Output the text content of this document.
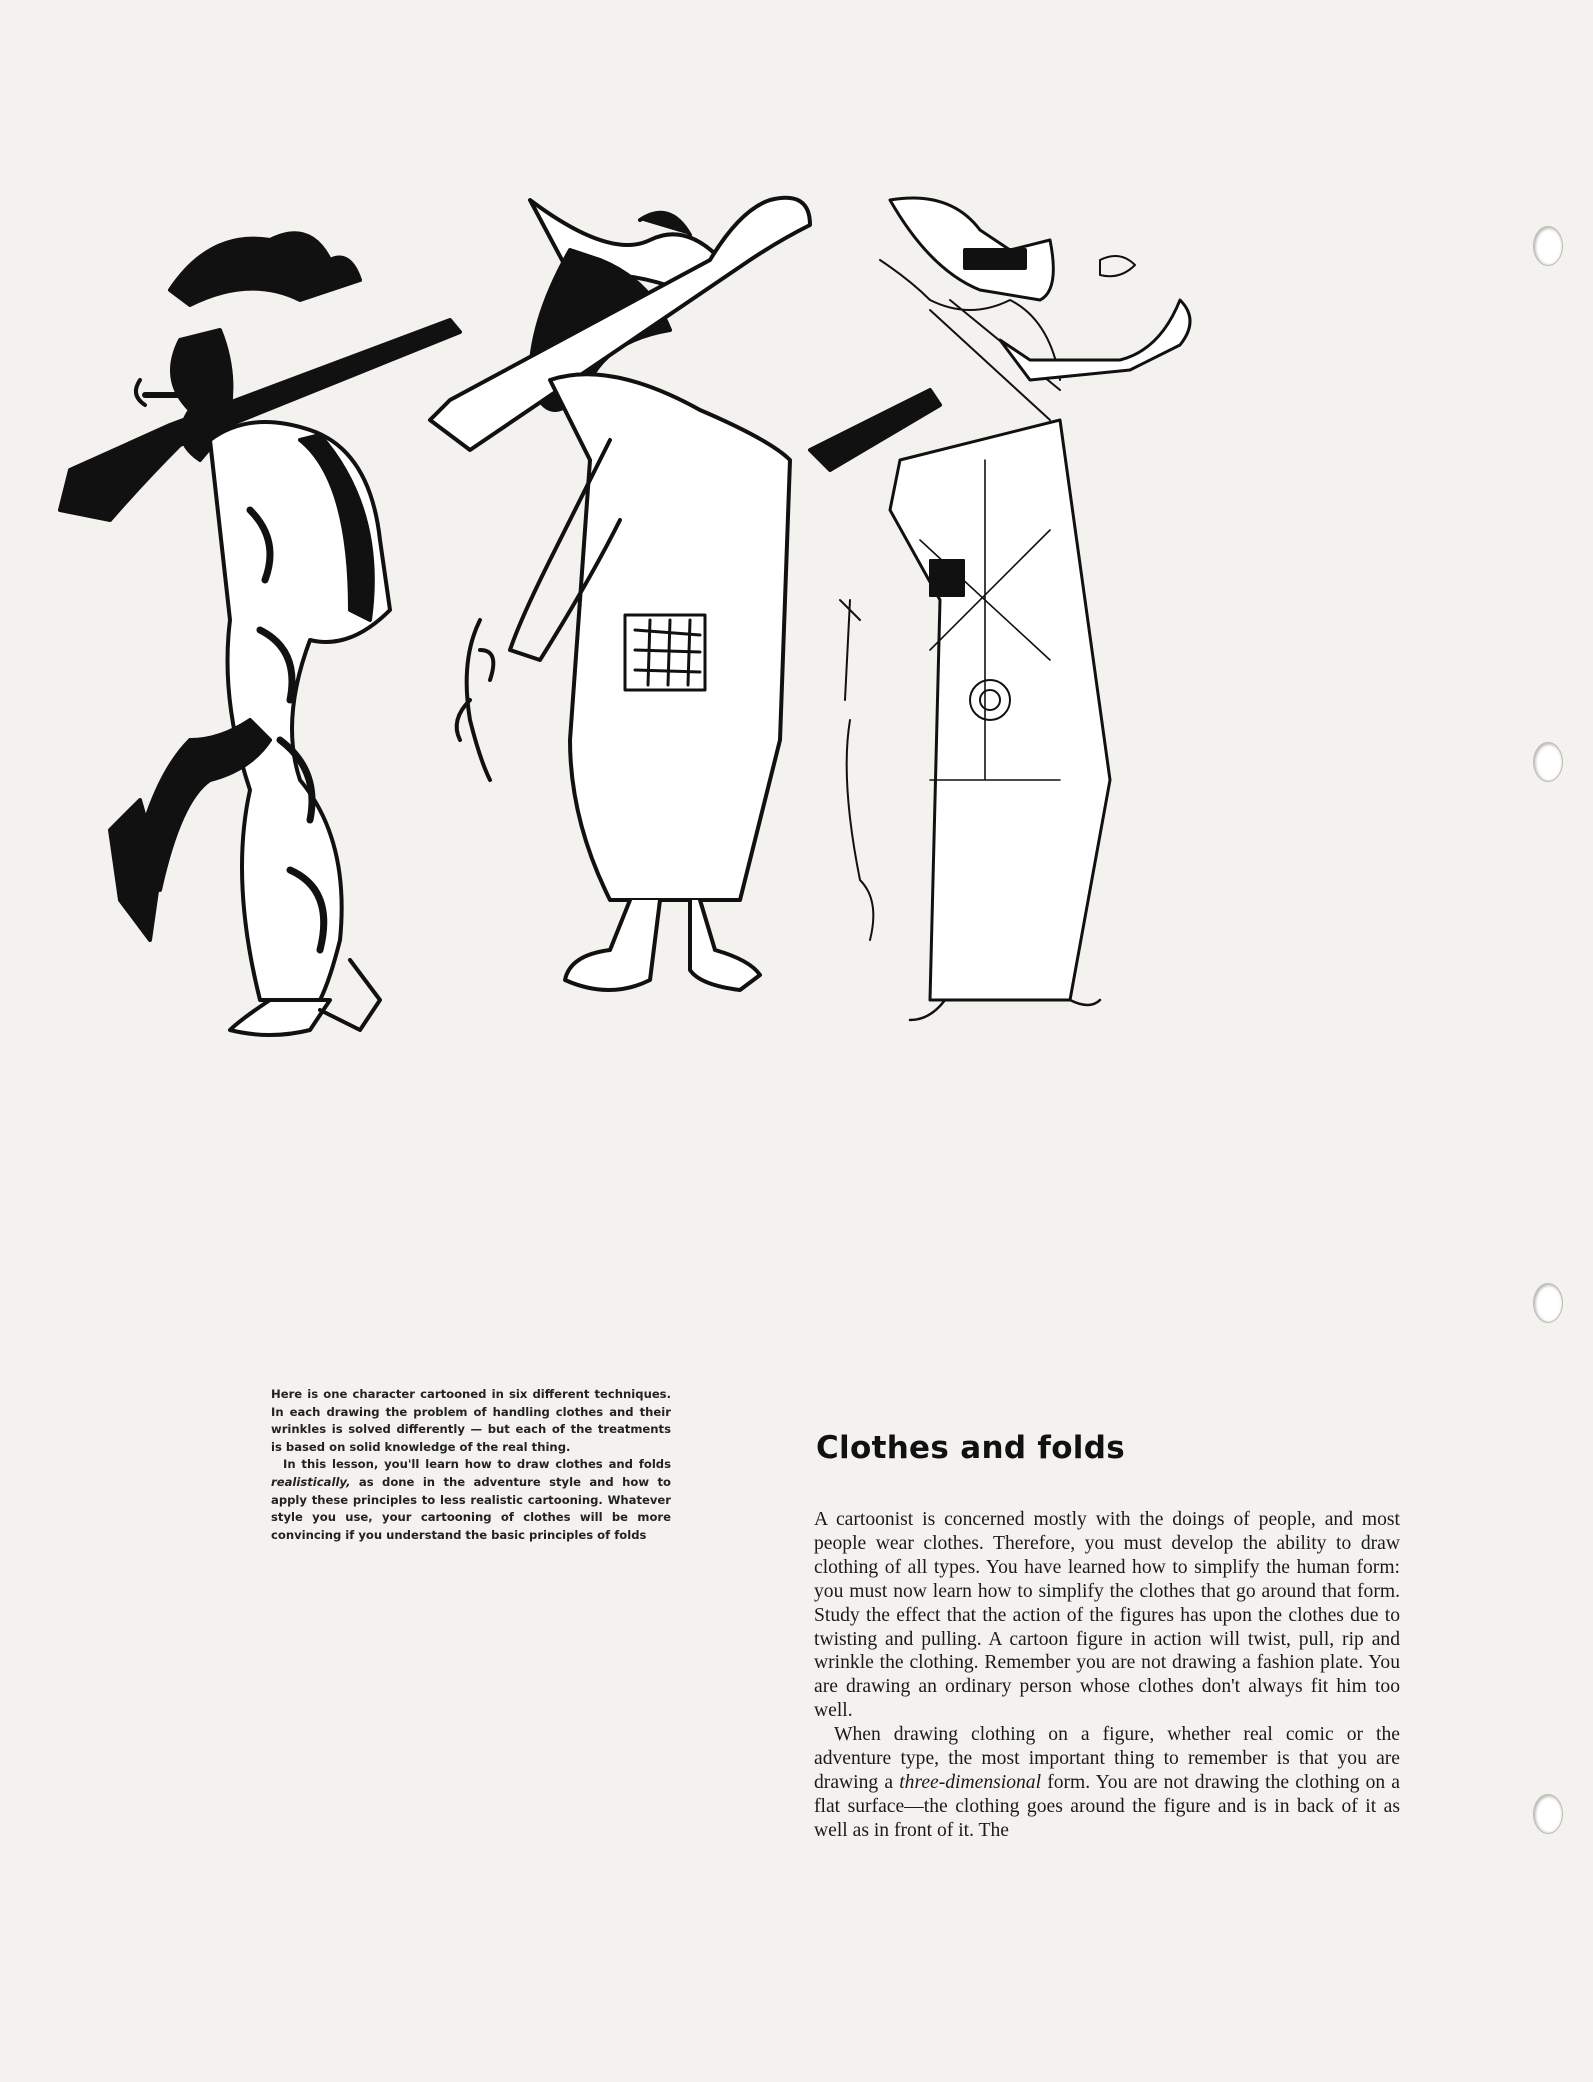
Here is one character cartooned in six different techniques. In each drawing the problem of handling clothes and their wrinkles is solved differently — but each of the treatments is based on solid knowledge of the real thing.

In this lesson, you'll learn how to draw clothes and folds realistically, as done in the adventure style and how to apply these principles to less realistic cartooning. Whatever style you use, your cartooning of clothes will be more convincing if you understand the basic principles of folds

Clothes and folds

A cartoonist is concerned mostly with the doings of people, and most people wear clothes. Therefore, you must develop the ability to draw clothing of all types. You have learned how to simplify the human form: you must now learn how to simplify the clothes that go around that form. Study the effect that the action of the figures has upon the clothes due to twisting and pulling. A cartoon figure in action will twist, pull, rip and wrinkle the clothing. Remember you are not drawing a fashion plate. You are drawing an ordinary person whose clothes don't always fit him too well.

When drawing clothing on a figure, whether real comic or the adventure type, the most important thing to remember is that you are drawing a three-dimensional form. You are not drawing the clothing on a flat surface—the clothing goes around the figure and is in back of it as well as in front of it. The
